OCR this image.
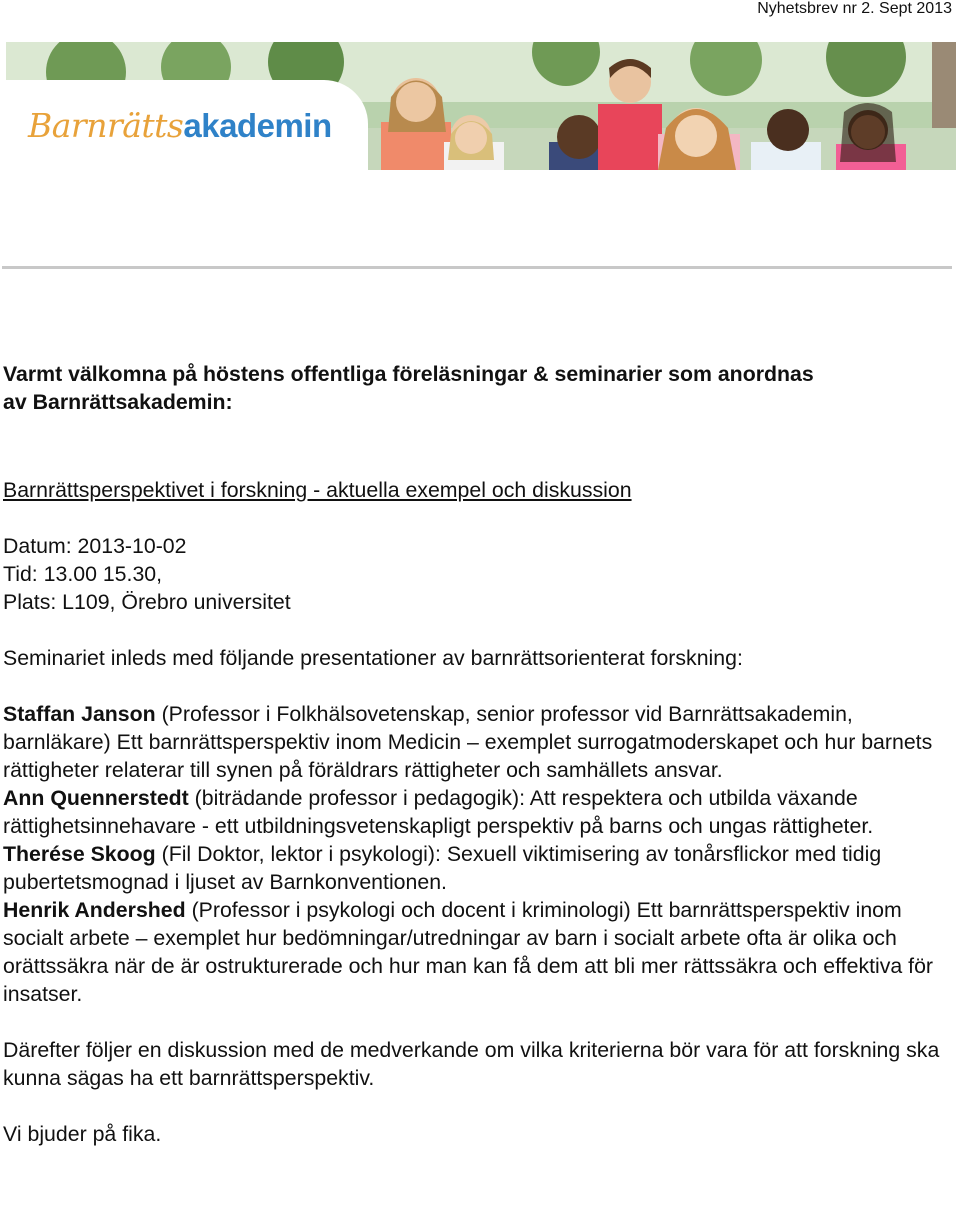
Nyhetsbrev nr 2. Sept 2013
Barnrättsakademin

Varmt välkomna på höstens offentliga föreläsningar & seminarier som anordnas
av Barnrättsakademin:

Barnrättsperspektivet i forskning - aktuella exempel och diskussion

Datum: 2013-10-02

Tid: 13.00 15.30,

Plats: L109, Örebro universitet

Seminariet inleds med följande presentationer av barnrättsorienterat forskning:

Staffan Janson (Professor i Folkhälsovetenskap, senior professor vid Barnrättsakademin, barnläkare) Ett barnrättsperspektiv inom Medicin – exemplet surrogatmoderskapet och hur barnets rättigheter relaterar till synen på föräldrars rättigheter och samhällets ansvar.

Ann Quennerstedt (biträdande professor i pedagogik): Att respektera och utbilda växande rättighetsinnehavare - ett utbildningsvetenskapligt perspektiv på barns och ungas rättigheter.

Therése Skoog (Fil Doktor, lektor i psykologi): Sexuell viktimisering av tonårsflickor med tidig pubertetsmognad i ljuset av Barnkonventionen.

Henrik Andershed (Professor i psykologi och docent i kriminologi) Ett barnrättsperspektiv inom socialt arbete – exemplet hur bedömningar/utredningar av barn i socialt arbete ofta är olika och orättssäkra när de är ostrukturerade och hur man kan få dem att bli mer rättssäkra och effektiva för insatser.

Därefter följer en diskussion med de medverkande om vilka kriterierna bör vara för att forskning ska kunna sägas ha ett barnrättsperspektiv.

Vi bjuder på fika.
